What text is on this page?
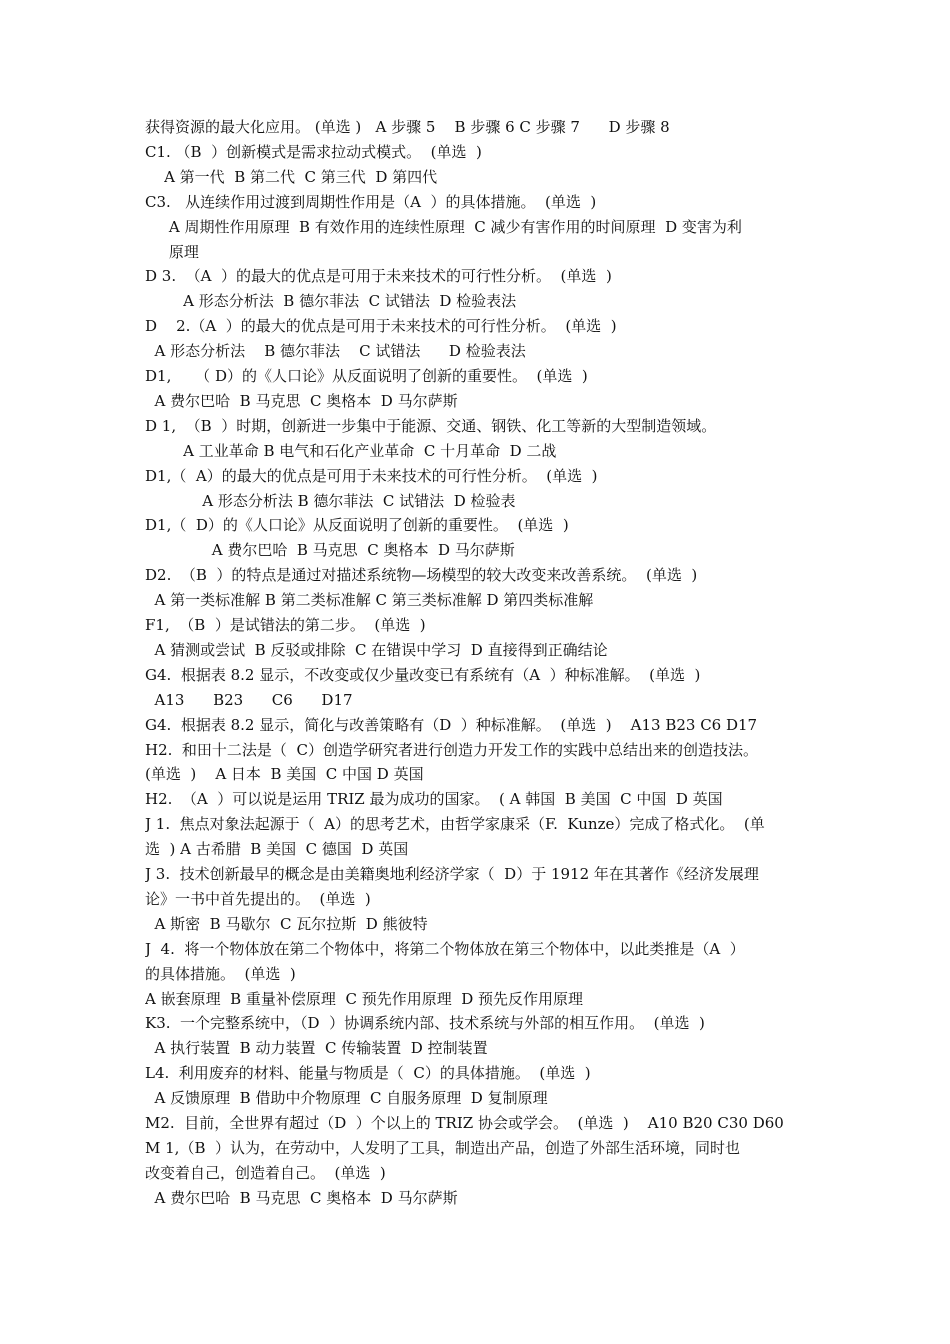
获得资源的最大化应用。 (单选 )   A 步骤 5    B 步骤 6 C 步骤 7      D 步骤 8
C1. （B  ）创新模式是需求拉动式模式。  (单选  )
A 第一代  B 第二代  C 第三代  D 第四代
C3.   从连续作用过渡到周期性作用是（A  ）的具体措施。  (单选  )
A 周期性作用原理  B 有效作用的连续性原理  C 减少有害作用的时间原理  D 变害为利
原理
D 3.  （A  ）的最大的优点是可用于未来技术的可行性分析。  (单选  )
A 形态分析法  B 德尔菲法  C 试错法  D 检验表法
D    2.（A  ）的最大的优点是可用于未来技术的可行性分析。  (单选  )
A 形态分析法    B 德尔菲法    C 试错法      D 检验表法
D1,     （ D）的《人口论》从反面说明了创新的重要性。  (单选  )
A 费尔巴哈  B 马克思  C 奥格本  D 马尔萨斯
D 1,  （B  ）时期，创新进一步集中于能源、交通、钢铁、化工等新的大型制造领域。
A 工业革命 B 电气和石化产业革命  C 十月革命  D 二战
D1,（  A）的最大的优点是可用于未来技术的可行性分析。  (单选  )
A 形态分析法 B 德尔菲法  C 试错法  D 检验表
D1,（  D）的《人口论》从反面说明了创新的重要性。  (单选  )
A 费尔巴哈  B 马克思  C 奥格本  D 马尔萨斯
D2.  （B  ）的特点是通过对描述系统物—场模型的较大改变来改善系统。  (单选  )
A 第一类标准解 B 第二类标准解 C 第三类标准解 D 第四类标准解
F1,  （B  ）是试错法的第二步。  (单选  )
A 猜测或尝试  B 反驳或排除  C 在错误中学习  D 直接得到正确结论
G4.  根据表 8.2 显示，不改变或仅少量改变已有系统有（A  ）种标准解。  (单选  )
A13      B23      C6      D17
G4.  根据表 8.2 显示，简化与改善策略有（D  ）种标准解。  (单选  )    A13 B23 C6 D17
H2.  和田十二法是（  C）创造学研究者进行创造力开发工作的实践中总结出来的创造技法。
(单选  )    A 日本  B 美国  C 中国 D 英国
H2.  （A  ）可以说是运用 TRIZ 最为成功的国家。  ( A 韩国  B 美国  C 中国  D 英国
J 1.  焦点对象法起源于（  A）的思考艺术，由哲学家康采（F.  Kunze）完成了格式化。  (单
选  ) A 古希腊  B 美国  C 德国  D 英国
J 3.  技术创新最早的概念是由美籍奥地利经济学家（  D）于 1912 年在其著作《经济发展理
论》一书中首先提出的。  (单选  )
A 斯密  B 马歇尔  C 瓦尔拉斯  D 熊彼特
J  4.  将一个物体放在第二个物体中，将第二个物体放在第三个物体中，以此类推是（A  ）
的具体措施。  (单选  )
A 嵌套原理  B 重量补偿原理  C 预先作用原理  D 预先反作用原理
K3.  一个完整系统中，（D  ）协调系统内部、技术系统与外部的相互作用。  (单选  )
A 执行装置  B 动力装置  C 传输装置  D 控制装置
L4.  利用废弃的材料、能量与物质是（  C）的具体措施。  (单选  )
A 反馈原理  B 借助中介物原理  C 自服务原理  D 复制原理
M2.  目前，全世界有超过（D  ）个以上的 TRIZ 协会或学会。  (单选  )    A10 B20 C30 D60
M 1,（B  ）认为，在劳动中，人发明了工具，制造出产品，创造了外部生活环境，同时也
改变着自己，创造着自己。  (单选  )
A 费尔巴哈  B 马克思  C 奥格本  D 马尔萨斯
